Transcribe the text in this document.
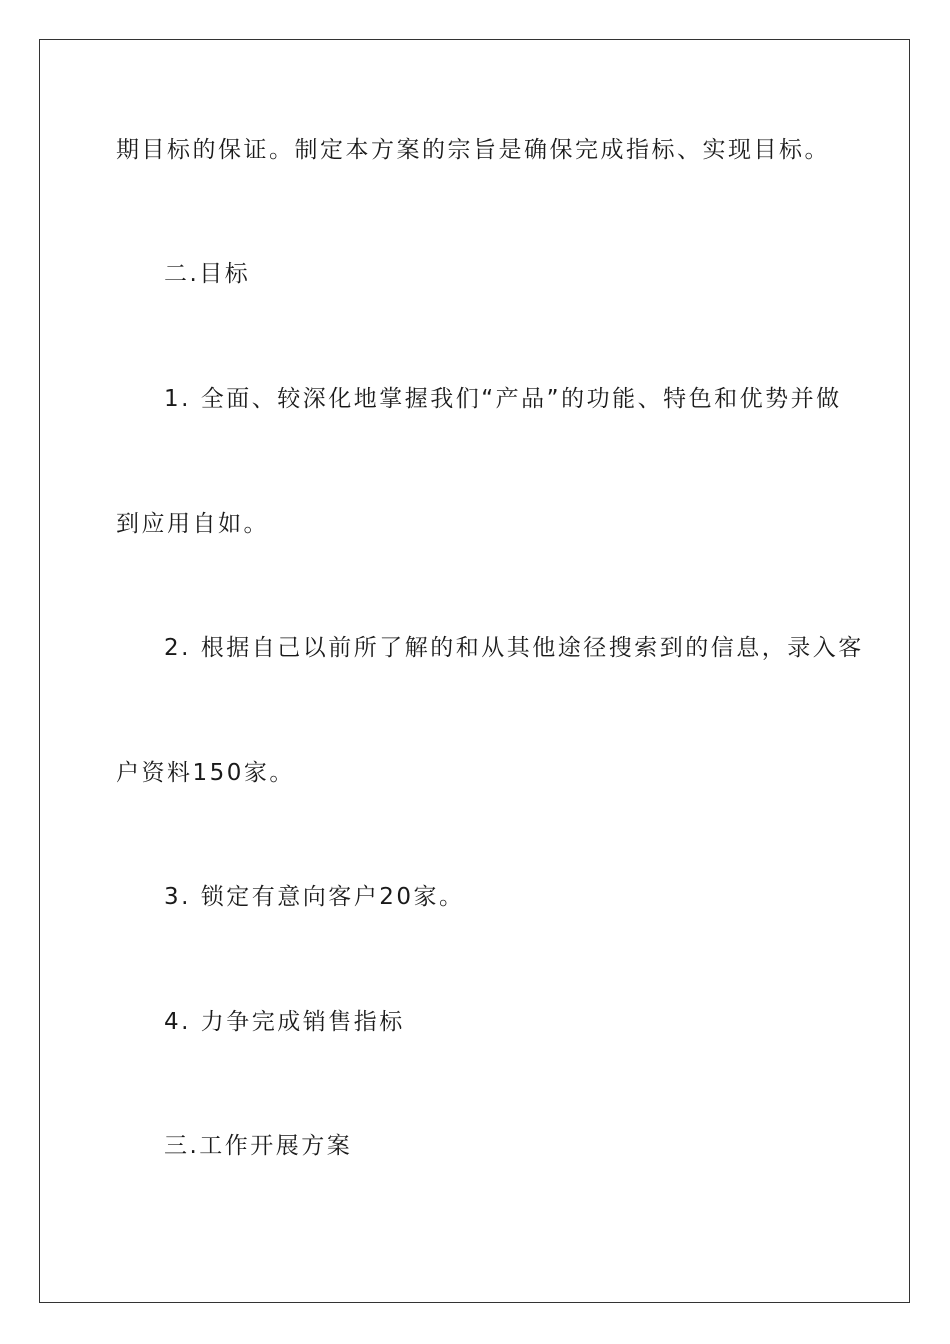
期目标的保证。制定本方案的宗旨是确保完成指标、实现目标。
二.目标
1. 全面、较深化地掌握我们“产品”的功能、特色和优势并做
到应用自如。
2. 根据自己以前所了解的和从其他途径搜索到的信息，录入客
户资料150家。
3. 锁定有意向客户20家。
4. 力争完成销售指标
三.工作开展方案
